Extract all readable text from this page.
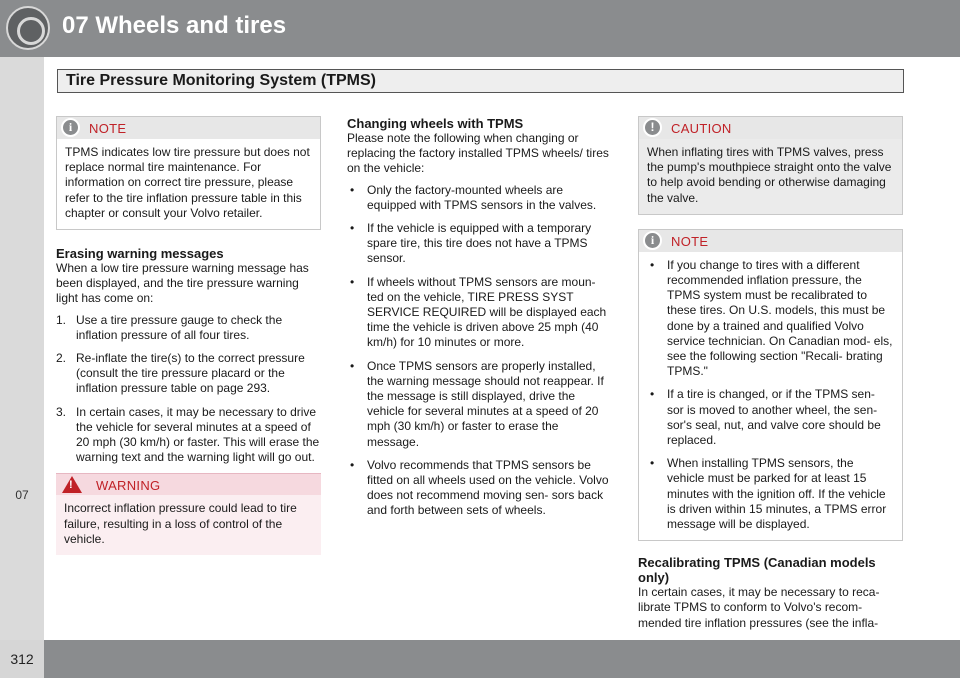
07 Wheels and tires
Tire Pressure Monitoring System (TPMS)
07
312
i
NOTE

TPMS indicates low tire pressure but does not replace normal tire maintenance. For information on correct tire pressure, please refer to the tire inflation pressure table in this chapter or consult your Volvo retailer.

Erasing warning messages

When a low tire pressure warning message has been displayed, and the tire pressure warning light has come on:

1. Use a tire pressure gauge to check the inflation pressure of all four tires.
2. Re-inflate the tire(s) to the correct pressure (consult the tire pressure placard or the inflation pressure table on page 293.
3. In certain cases, it may be necessary to drive the vehicle for several minutes at a speed of 20 mph (30 km/h) or faster. This will erase the warning text and the warning light will go out.
!
WARNING

Incorrect inflation pressure could lead to tire failure, resulting in a loss of control of the vehicle.

Changing wheels with TPMS

Please note the following when changing or replacing the factory installed TPMS wheels/ tires on the vehicle:

• Only the factory-mounted wheels are equipped with TPMS sensors in the valves.
• If the vehicle is equipped with a temporary spare tire, this tire does not have a TPMS sensor.
• If wheels without TPMS sensors are moun- ted on the vehicle, TIRE PRESS SYST SERVICE REQUIRED will be displayed each time the vehicle is driven above 25 mph (40 km/h) for 10 minutes or more.
• Once TPMS sensors are properly installed, the warning message should not reappear. If the message is still displayed, drive the vehicle for several minutes at a speed of 20 mph (30 km/h) or faster to erase the message.
• Volvo recommends that TPMS sensors be fitted on all wheels used on the vehicle. Volvo does not recommend moving sen- sors back and forth between sets of wheels.
!
CAUTION

When inflating tires with TPMS valves, press the pump's mouthpiece straight onto the valve to help avoid bending or otherwise damaging the valve.

i
NOTE
• If you change to tires with a different recommended inflation pressure, the TPMS system must be recalibrated to these tires. On U.S. models, this must be done by a trained and qualified Volvo service technician. On Canadian mod- els, see the following section "Recali- brating TPMS."
• If a tire is changed, or if the TPMS sen- sor is moved to another wheel, the sen- sor's seal, nut, and valve core should be replaced.
• When installing TPMS sensors, the vehicle must be parked for at least 15 minutes with the ignition off. If the vehicle is driven within 15 minutes, a TPMS error message will be displayed.
Recalibrating TPMS (Canadian models only)

In certain cases, it may be necessary to reca- librate TPMS to conform to Volvo's recom- mended tire inflation pressures (see the infla-
